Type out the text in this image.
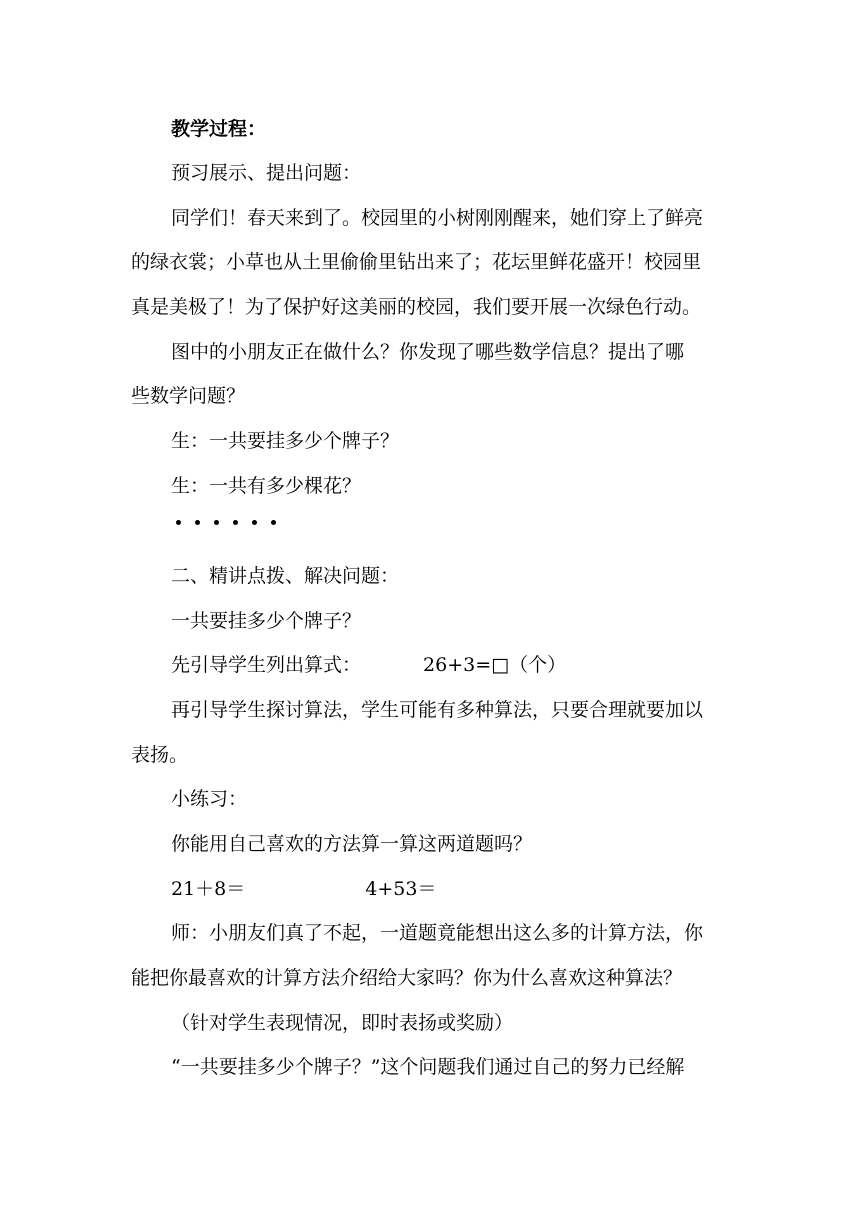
教学过程：
预习展示、提出问题：
同学们！春天来到了。校园里的小树刚刚醒来，她们穿上了鲜亮
的绿衣裳；小草也从土里偷偷里钻出来了；花坛里鲜花盛开！校园里
真是美极了！为了保护好这美丽的校园，我们要开展一次绿色行动。
图中的小朋友正在做什么？你发现了哪些数学信息？提出了哪
些数学问题？
生：一共要挂多少个牌子？
生：一共有多少棵花？
二、精讲点拨、解决问题：
一共要挂多少个牌子？
先引导学生列出算式：	26+3=□（个）
再引导学生探讨算法，学生可能有多种算法，只要合理就要加以
表扬。
小练习：
你能用自己喜欢的方法算一算这两道题吗？
21＋8＝	4+53＝
师：小朋友们真了不起，一道题竟能想出这么多的计算方法，你
能把你最喜欢的计算方法介绍给大家吗？你为什么喜欢这种算法？
（针对学生表现情况，即时表扬或奖励）
“一共要挂多少个牌子？”这个问题我们通过自己的努力已经解
